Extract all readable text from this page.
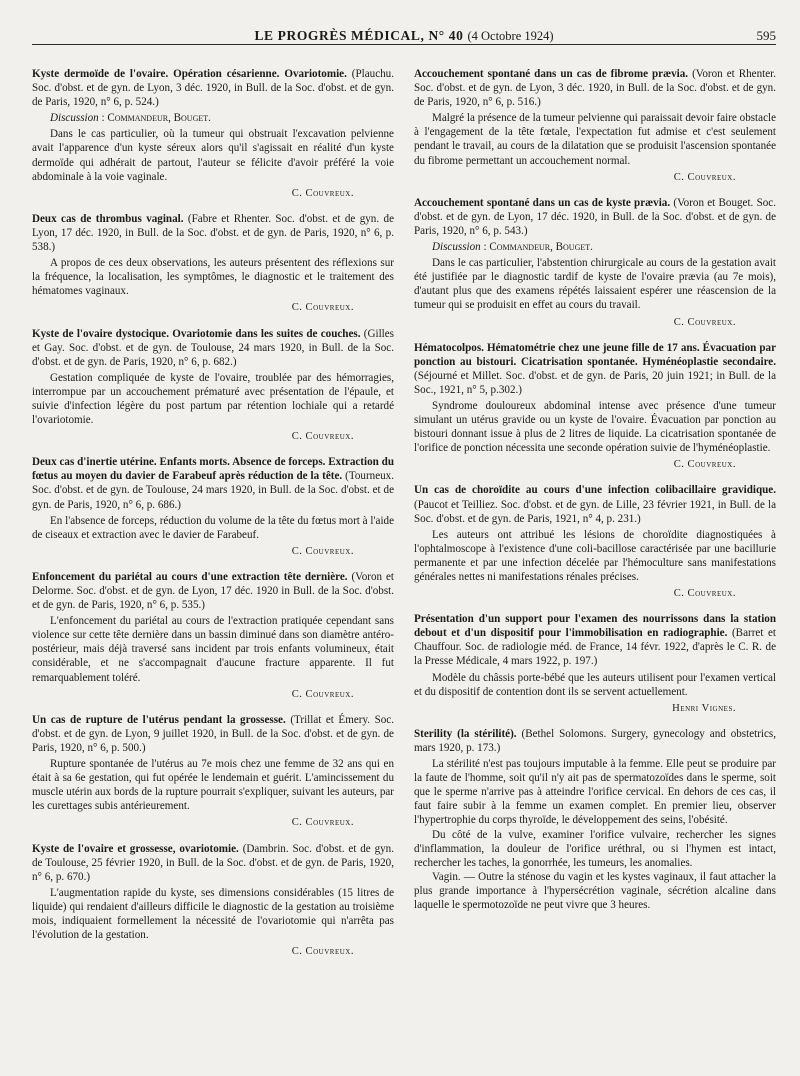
LE PROGRÈS MÉDICAL, N° 40 (4 Octobre 1924)	595
Kyste dermoïde de l'ovaire. Opération césarienne. Ovariotomie. (Plauchu. Soc. d'obst. et de gyn. de Lyon, 3 déc. 1920, in Bull. de la Soc. d'obst. et de gyn. de Paris, 1920, n° 6, p. 524.)
Discussion : Commandeur, Bouget.

Dans le cas particulier, où la tumeur qui obstruait l'excavation pelvienne avait l'apparence d'un kyste séreux alors qu'il s'agissait en réalité d'un kyste dermoïde qui adhérait de partout, l'auteur se félicite d'avoir préféré la voie abdominale à la voie vaginale.

C. Couvreux.
Deux cas de thrombus vaginal. (Fabre et Rhenter. Soc. d'obst. et de gyn. de Lyon, 17 déc. 1920, in Bull. de la Soc. d'obst. et de gyn. de Paris, 1920, n° 6, p. 538.)

A propos de ces deux observations, les auteurs présentent des réflexions sur la fréquence, la localisation, les symptômes, le diagnostic et le traitement des hématomes vaginaux.

C. Couvreux.
Kyste de l'ovaire dystocique. Ovariotomie dans les suites de couches. (Gilles et Gay. Soc. d'obst. et de gyn. de Toulouse, 24 mars 1920, in Bull. de la Soc. d'obst. et de gyn. de Paris, 1920, n° 6, p. 682.)

Gestation compliquée de kyste de l'ovaire, troublée par des hémorragies, interrompue par un accouchement prématuré avec présentation de l'épaule, et suivie d'infection légère du post partum par rétention lochiale qui a retardé l'ovariotomie.

C. Couvreux.
Deux cas d'inertie utérine. Enfants morts. Absence de forceps. Extraction du fœtus au moyen du davier de Farabeuf après réduction de la tête. (Tourneux. Soc. d'obst. et de gyn. de Toulouse, 24 mars 1920, in Bull. de la Soc. d'obst. et de gyn. de Paris, 1920, n° 6, p. 686.)

En l'absence de forceps, réduction du volume de la tête du fœtus mort à l'aide de ciseaux et extraction avec le davier de Farabeuf.

C. Couvreux.
Enfoncement du pariétal au cours d'une extraction tête dernière. (Voron et Delorme. Soc. d'obst. et de gyn. de Lyon, 17 déc. 1920 in Bull. de la Soc. d'obst. et de gyn. de Paris, 1920, n° 6, p. 535.)

L'enfoncement du pariétal au cours de l'extraction pratiquée cependant sans violence sur cette tête dernière dans un bassin diminué dans son diamètre antéro-postérieur, mais déjà traversé sans incident par trois enfants volumineux, était considérable, et ne s'accompagnait d'aucune fracture apparente. Il fut remarquablement toléré.

C. Couvreux.
Un cas de rupture de l'utérus pendant la grossesse. (Trillat et Émery. Soc. d'obst. et de gyn. de Lyon, 9 juillet 1920, in Bull. de la Soc. d'obst. et de gyn. de Paris, 1920, n° 6, p. 500.)

Rupture spontanée de l'utérus au 7e mois chez une femme de 32 ans qui en était à sa 6e gestation, qui fut opérée le lendemain et guérit. L'amincissement du muscle utérin aux bords de la rupture pourrait s'expliquer, suivant les auteurs, par les curettages subis antérieurement.

C. Couvreux.
Kyste de l'ovaire et grossesse, ovariotomie. (Dambrin. Soc. d'obst. et de gyn. de Toulouse, 25 février 1920, in Bull. de la Soc. d'obst. et de gyn. de Paris, 1920, n° 6, p. 670.)

L'augmentation rapide du kyste, ses dimensions considérables (15 litres de liquide) qui rendaient d'ailleurs difficile le diagnostic de la gestation au troisième mois, indiquaient formellement la nécessité de l'ovariotomie qui n'arrêta pas l'évolution de la gestation.

C. Couvreux.
Accouchement spontané dans un cas de fibrome prævia. (Voron et Rhenter. Soc. d'obst. et de gyn. de Lyon, 3 déc. 1920, in Bull. de la Soc. d'obst. et de gyn. de Paris, 1920, n° 6, p. 516.)

Malgré la présence de la tumeur pelvienne qui paraissait devoir faire obstacle à l'engagement de la tête fœtale, l'expectation fut admise et c'est seulement pendant le travail, au cours de la dilatation que se produisit l'ascension spontanée du fibrome permettant un accouchement normal.

C. Couvreux.
Accouchement spontané dans un cas de kyste prævia. (Voron et Bouget. Soc. d'obst. et de gyn. de Lyon, 17 déc. 1920, in Bull. de la Soc. d'obst. et de gyn. de Paris, 1920, n° 6, p. 543.)
Discussion : Commandeur, Bouget.

Dans le cas particulier, l'abstention chirurgicale au cours de la gestation avait été justifiée par le diagnostic tardif de kyste de l'ovaire prævia (au 7e mois), d'autant plus que des examens répétés laissaient espérer une réascension de la tumeur qui se produisit en effet au cours du travail.

C. Couvreux.
Hématocolpos. Hématométrie chez une jeune fille de 17 ans. Évacuation par ponction au bistouri. Cicatrisation spontanée. Hyménéoplastie secondaire. (Séjourné et Millet. Soc. d'obst. et de gyn. de Paris, 20 juin 1921; in Bull. de la Soc., 1921, n° 5, p.302.)

Syndrome douloureux abdominal intense avec présence d'une tumeur simulant un utérus gravide ou un kyste de l'ovaire. Évacuation par ponction au bistouri donnant issue à plus de 2 litres de liquide. La cicatrisation spontanée de l'orifice de ponction nécessita une seconde opération suivie de l'hyménéoplastie.

C. Couvreux.
Un cas de choroïdite au cours d'une infection colibacillaire gravidique. (Paucot et Teilliez. Soc. d'obst. et de gyn. de Lille, 23 février 1921, in Bull. de la Soc. d'obst. et de gyn. de Paris, 1921, n° 4, p. 231.)

Les auteurs ont attribué les lésions de choroïdite diagnostiquées à l'ophtalmoscope à l'existence d'une coli-bacillose caractérisée par une bacillurie permanente et par une infection décelée par l'hémoculture sans manifestations générales nettes ni manifestations rénales précises.

C. Couvreux.
Présentation d'un support pour l'examen des nourrissons dans la station debout et d'un dispositif pour l'immobilisation en radiographie. (Barret et Chauffour. Soc. de radiologie méd. de France, 14 févr. 1922, d'après le C. R. de la Presse Médicale, 4 mars 1922, p. 197.)

Modèle du châssis porte-bébé que les auteurs utilisent pour l'examen vertical et du dispositif de contention dont ils se servent actuellement.

Henri Vignes.
Sterility (la stérilité). (Bethel Solomons. Surgery, gynecology and obstetrics, mars 1920, p. 173.)

La stérilité n'est pas toujours imputable à la femme. Elle peut se produire par la faute de l'homme, soit qu'il n'y ait pas de spermatozoïdes dans le sperme, soit que le sperme n'arrive pas à atteindre l'orifice cervical. En dehors de ces cas, il faut faire subir à la femme un examen complet. En premier lieu, observer l'hypertrophie du corps thyroïde, le développement des seins, l'obésité.

Du côté de la vulve, examiner l'orifice vulvaire, rechercher les signes d'inflammation, la douleur de l'orifice uréthral, ou si l'hymen est intact, rechercher les taches, la gonorrhée, les tumeurs, les anomalies.

Vagin. — Outre la sténose du vagin et les kystes vaginaux, il faut attacher la plus grande importance à l'hypersécrétion vaginale, sécrétion alcaline dans laquelle le spermotozoïde ne peut vivre que 3 heures.
